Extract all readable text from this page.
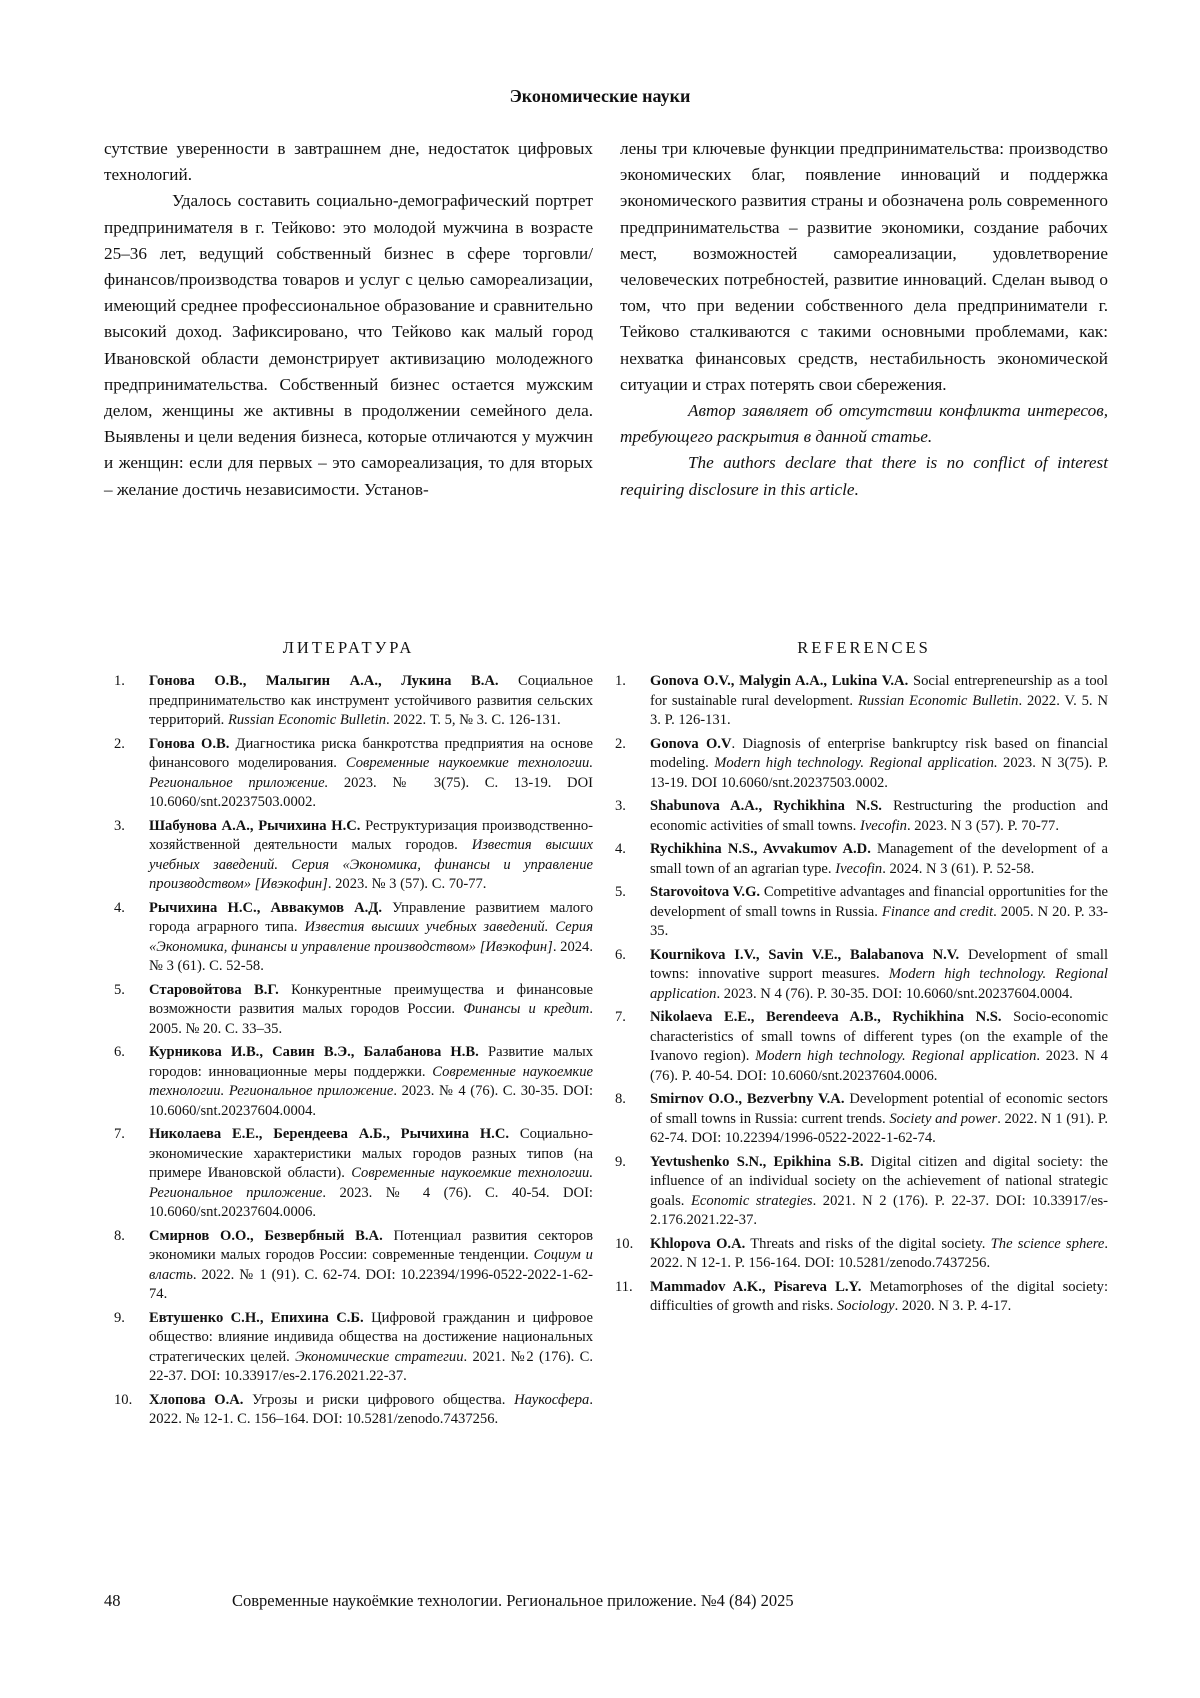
Экономические науки

сутствие уверенности в завтрашнем дне, недостаток цифровых технологий.

Удалось составить социально-демографический портрет предпринимателя в г. Тейково: это молодой мужчина в возрасте 25–36 лет, ведущий собственный бизнес в сфере торговли/финансов/производства товаров и услуг с целью самореализации, имеющий среднее профессиональное образование и сравнительно высокий доход. Зафиксировано, что Тейково как малый город Ивановской области демонстрирует активизацию молодежного предпринимательства. Собственный бизнес остается мужским делом, женщины же активны в продолжении семейного дела. Выявлены и цели ведения бизнеса, которые отличаются у мужчин и женщин: если для первых – это самореализация, то для вторых – желание достичь независимости. Установ-

лены три ключевые функции предпринимательства: производство экономических благ, появление инноваций и поддержка экономического развития страны и обозначена роль современного предпринимательства – развитие экономики, создание рабочих мест, возможностей самореализации, удовлетворение человеческих потребностей, развитие инноваций. Сделан вывод о том, что при ведении собственного дела предприниматели г. Тейково сталкиваются с такими основными проблемами, как: нехватка финансовых средств, нестабильность экономической ситуации и страх потерять свои сбережения.

Автор заявляет об отсутствии конфликта интересов, требующего раскрытия в данной статье.

The authors declare that there is no conflict of interest requiring disclosure in this article.

ЛИТЕРАТУРА	REFERENCES
1. Гонова О.В., Малыгин А.А., Лукина В.А. Социальное предпринимательство как инструмент устойчивого развития сельских территорий. Russian Economic Bulletin. 2022. Т. 5, № 3. С. 126-131.
2. Гонова О.В. Диагностика риска банкротства предприятия на основе финансового моделирования. Современные наукоемкие технологии. Региональное приложение. 2023. № 3(75). С. 13-19. DOI 10.6060/snt.20237503.0002.
3. Шабунова А.А., Рычихина Н.С. Реструктуризация производственно-хозяйственной деятельности малых городов. Известия высших учебных заведений. Серия «Экономика, финансы и управление производством» [Ивэкофин]. 2023. № 3 (57). С. 70-77.
4. Рычихина Н.С., Аввакумов А.Д. Управление развитием малого города аграрного типа. Известия высших учебных заведений. Серия «Экономика, финансы и управление производством» [Ивэкофин]. 2024. № 3 (61). С. 52-58.
5. Старовойтова В.Г. Конкурентные преимущества и финансовые возможности развития малых городов России. Финансы и кредит. 2005. № 20. С. 33–35.
6. Курникова И.В., Савин В.Э., Балабанова Н.В. Развитие малых городов: инновационные меры поддержки. Современные наукоемкие технологии. Региональное приложение. 2023. № 4 (76). С. 30-35. DOI: 10.6060/snt.20237604.0004.
7. Николаева Е.Е., Берендеева А.Б., Рычихина Н.С. Социально-экономические характеристики малых городов разных типов (на примере Ивановской области). Современные наукоемкие технологии. Региональное приложение. 2023. № 4 (76). С. 40-54. DOI: 10.6060/snt.20237604.0006.
8. Смирнов О.О., Безвербный В.А. Потенциал развития секторов экономики малых городов России: современные тенденции. Социум и власть. 2022. № 1 (91). С. 62-74. DOI: 10.22394/1996-0522-2022-1-62-74.
9. Евтушенко С.Н., Епихина С.Б. Цифровой гражданин и цифровое общество: влияние индивида общества на достижение национальных стратегических целей. Экономические стратегии. 2021. №2 (176). С. 22-37. DOI: 10.33917/es-2.176.2021.22-37.
10. Хлопова О.А. Угрозы и риски цифрового общества. Наукосфера. 2022. № 12-1. С. 156–164. DOI: 10.5281/zenodo.7437256.
1. Gonova O.V., Malygin A.A., Lukina V.A. Social entrepreneurship as a tool for sustainable rural development. Russian Economic Bulletin. 2022. V. 5. N 3. P. 126-131.
2. Gonova O.V. Diagnosis of enterprise bankruptcy risk based on financial modeling. Modern high technology. Regional application. 2023. N 3(75). P. 13-19. DOI 10.6060/snt.20237503.0002.
3. Shabunova A.A., Rychikhina N.S. Restructuring the production and economic activities of small towns. Ivecofin. 2023. N 3 (57). P. 70-77.
4. Rychikhina N.S., Avvakumov A.D. Management of the development of a small town of an agrarian type. Ivecofin. 2024. N 3 (61). P. 52-58.
5. Starovoitova V.G. Competitive advantages and financial opportunities for the development of small towns in Russia. Finance and credit. 2005. N 20. P. 33-35.
6. Kournikova I.V., Savin V.E., Balabanova N.V. Development of small towns: innovative support measures. Modern high technology. Regional application. 2023. N 4 (76). P. 30-35. DOI: 10.6060/snt.20237604.0004.
7. Nikolaeva E.E., Berendeeva A.B., Rychikhina N.S. Socio-economic characteristics of small towns of different types (on the example of the Ivanovo region). Modern high technology. Regional application. 2023. N 4 (76). P. 40-54. DOI: 10.6060/snt.20237604.0006.
8. Smirnov O.O., Bezverbny V.A. Development potential of economic sectors of small towns in Russia: current trends. Society and power. 2022. N 1 (91). P. 62-74. DOI: 10.22394/1996-0522-2022-1-62-74.
9. Yevtushenko S.N., Epikhina S.B. Digital citizen and digital society: the influence of an individual society on the achievement of national strategic goals. Economic strategies. 2021. N 2 (176). P. 22-37. DOI: 10.33917/es-2.176.2021.22-37.
10. Khlopova O.A. Threats and risks of the digital society. The science sphere. 2022. N 12-1. P. 156-164. DOI: 10.5281/zenodo.7437256.
11. Mammadov A.K., Pisareva L.Y. Metamorphoses of the digital society: difficulties of growth and risks. Sociology. 2020. N 3. P. 4-17.
48	Современные наукоёмкие технологии. Региональное приложение. №4 (84) 2025
